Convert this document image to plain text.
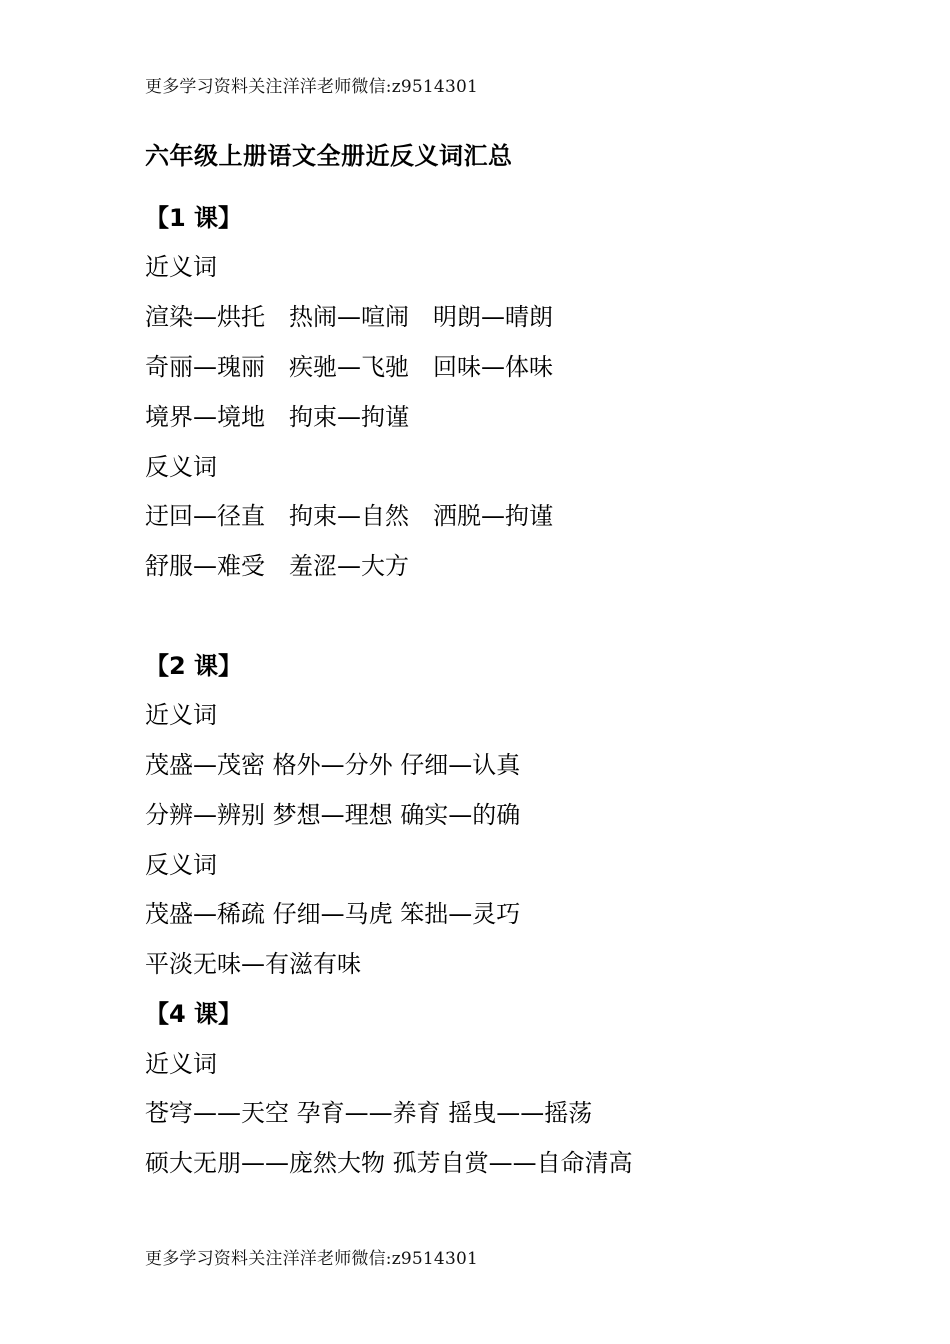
更多学习资料关注洋洋老师微信:z9514301
六年级上册语文全册近反义词汇总
【1 课】
近义词
渲染—烘托　热闹—喧闹　明朗—晴朗
奇丽—瑰丽　疾驰—飞驰　回味—体味
境界—境地　拘束—拘谨
反义词
迂回—径直　拘束—自然　洒脱—拘谨
舒服—难受　羞涩—大方
【2 课】
近义词
茂盛—茂密 格外—分外 仔细—认真
分辨—辨别 梦想—理想 确实—的确
反义词
茂盛—稀疏 仔细—马虎 笨拙—灵巧
平淡无味—有滋有味
【4 课】
近义词
苍穹——天空 孕育——养育 摇曳——摇荡
硕大无朋——庞然大物 孤芳自赏——自命清高
更多学习资料关注洋洋老师微信:z9514301
